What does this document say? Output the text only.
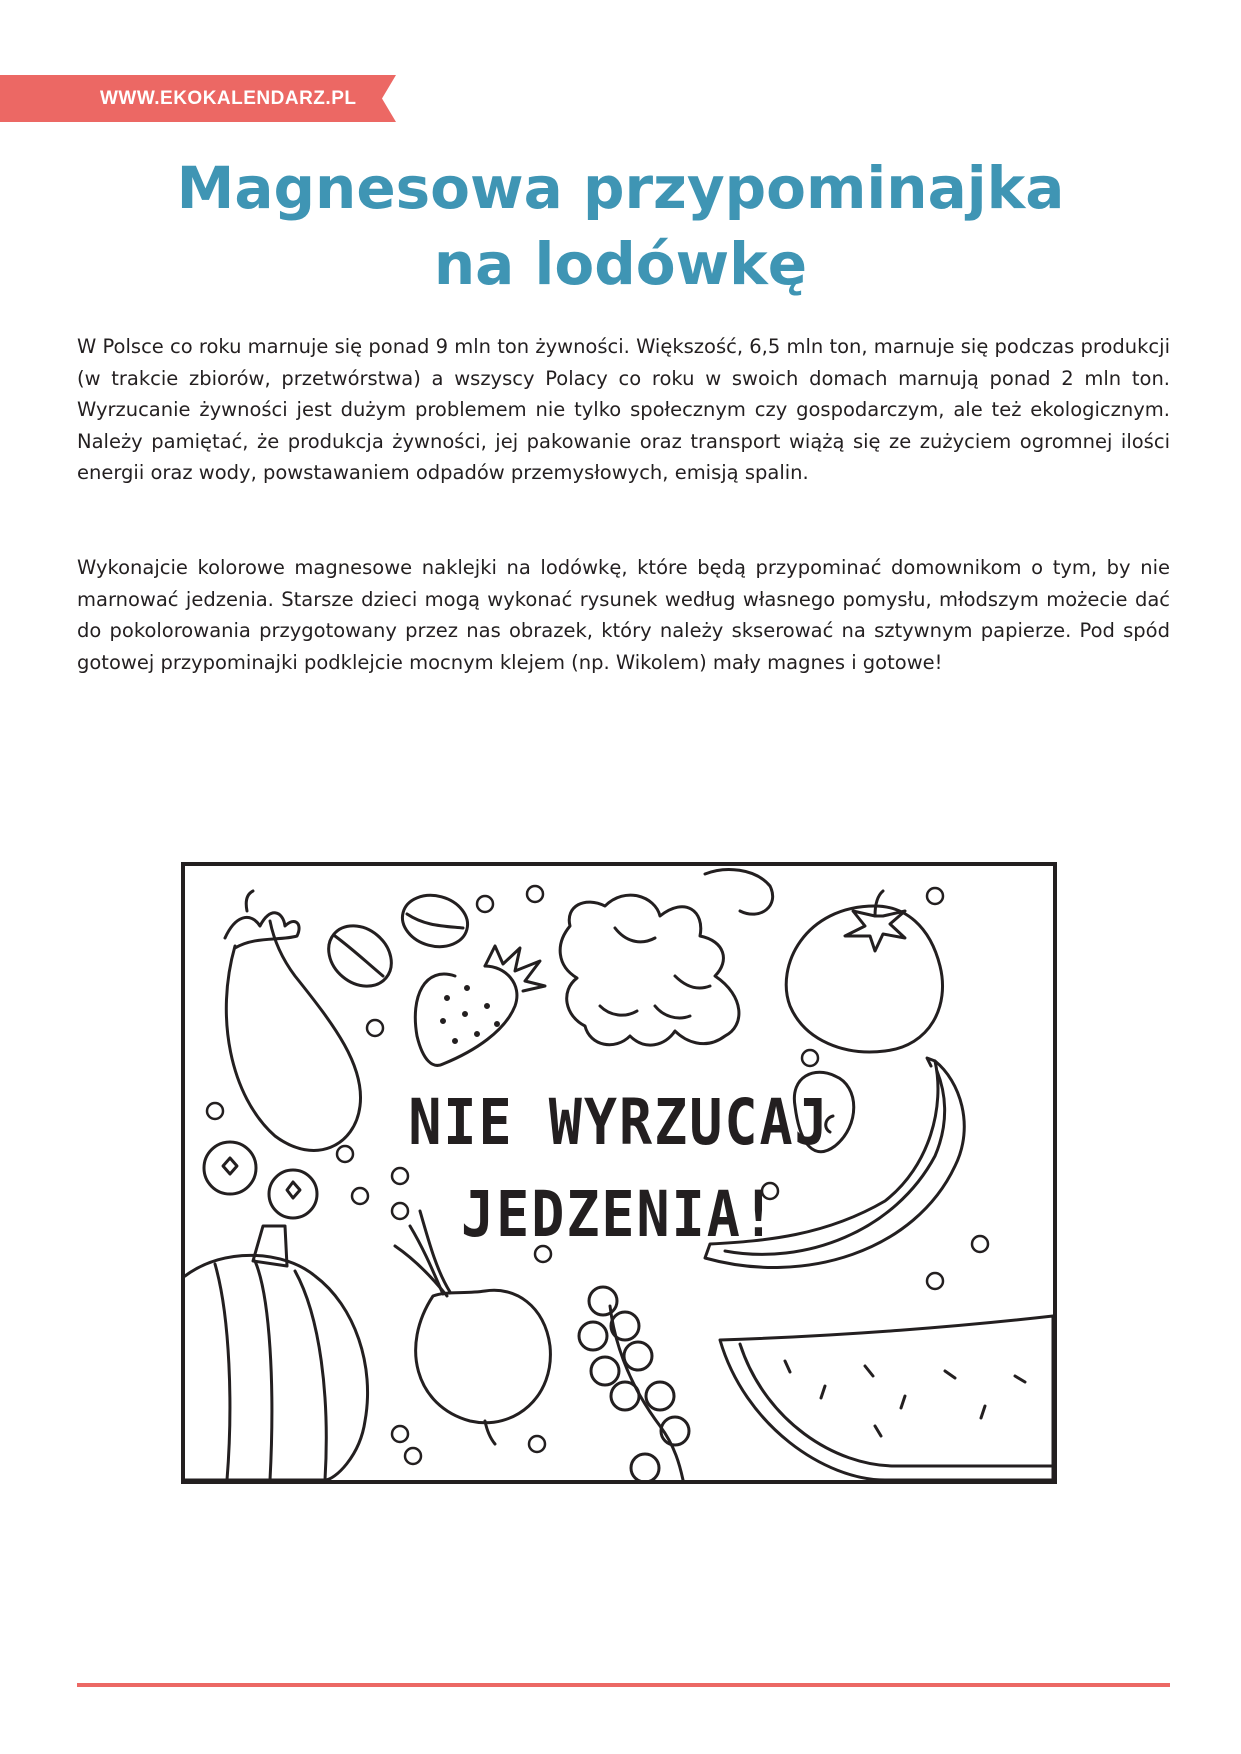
WWW.EKOKALENDARZ.PL
Magnesowa przypominajka
na lodówkę

W Polsce co roku marnuje się ponad 9 mln ton żywności. Większość, 6,5 mln ton, marnuje się podczas produkcji (w trakcie zbiorów, przetwórstwa) a wszyscy Polacy co roku w swoich domach marnują ponad 2 mln ton. Wyrzucanie żywności jest dużym problemem nie tylko społecznym czy gospodarczym, ale też ekologicznym. Należy pamiętać, że produkcja żywności, jej pakowanie oraz transport wiążą się ze zużyciem ogromnej ilości energii oraz wody, powstawaniem odpadów przemysłowych, emisją spalin.

Wykonajcie kolorowe magnesowe naklejki na lodówkę, które będą przypominać domownikom o tym, by nie marnować jedzenia. Starsze dzieci mogą wykonać rysunek według własnego pomysłu, młodszym możecie dać do pokolorowania przygotowany przez nas obrazek, który należy skserować na sztywnym papierze. Pod spód gotowej przypominajki podklejcie mocnym klejem (np. Wikolem) mały magnes i gotowe!

NIE WYRZUCAJ
JEDZENIA!
